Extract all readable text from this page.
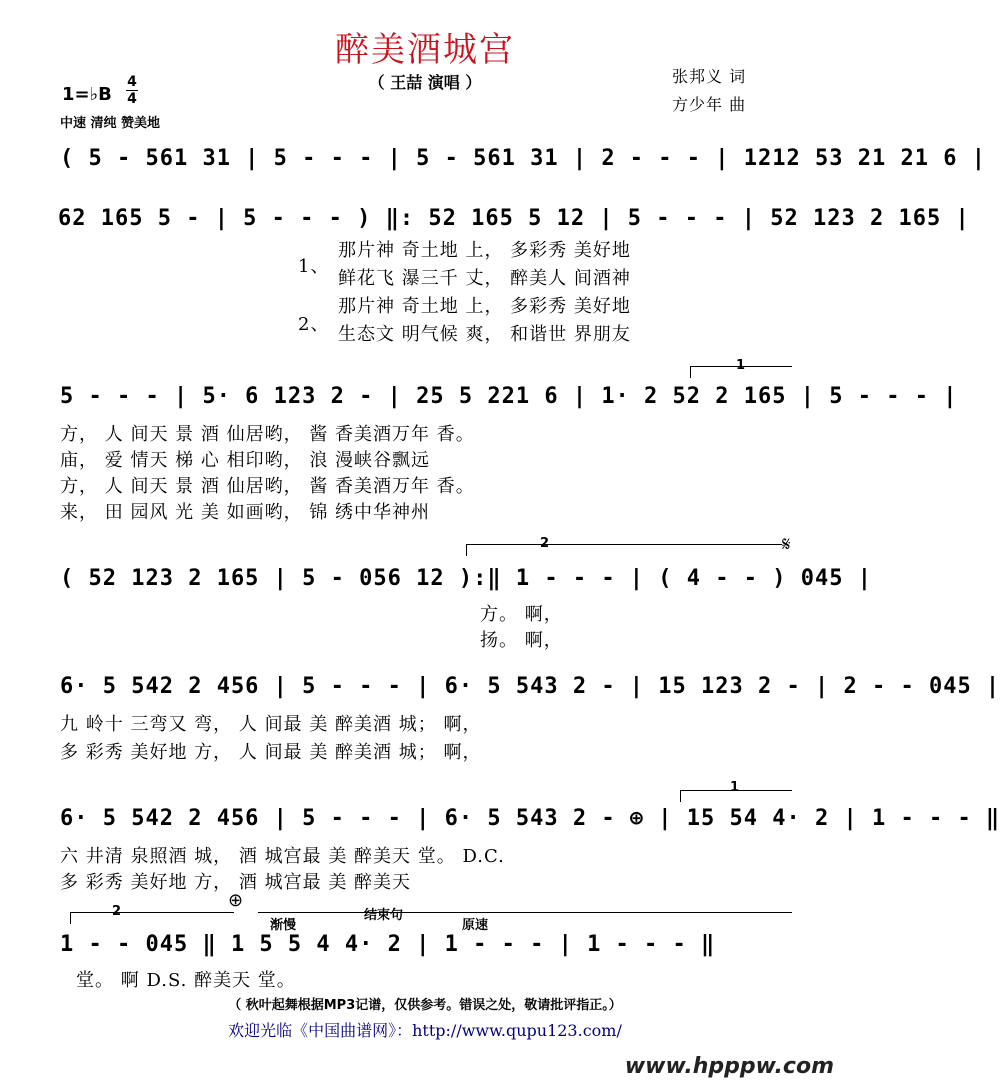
醉美酒城宫
（ 王喆 演唱 ）	张邦义 词
方少年 曲
1=♭B
4
4
中速 清纯 赞美地
( 5 - 561 31 | 5 - - - | 5 - 561 31 | 2 - - - | 1212 53 21 21 6 |
62 165 5 - | 5 - - - ) ‖: 52 165 5 12 | 5 - - - | 52 123 2 165 |
1、
2、
那片神 奇土地 上， 多彩秀 美好地
鲜花飞 瀑三千 丈， 醉美人 间酒神
那片神 奇土地 上， 多彩秀 美好地
生态文 明气候 爽， 和谐世 界朋友
1
5 - - - | 5· 6 123 2 - | 25 5 221 6 | 1· 2 52 2 165 | 5 - - - |
方， 人 间天 景 酒 仙居哟， 酱 香美酒万年 香。
庙， 爱 情天 梯 心 相印哟， 浪 漫峡谷飘远
方， 人 间天 景 酒 仙居哟， 酱 香美酒万年 香。
来， 田 园风 光 美 如画哟， 锦 绣中华神州
2	𝄋
( 52 123 2 165 | 5 - 056 12 ):‖ 1 - - - | ( 4 - - ) 045 |
方。 啊，
扬。 啊，
6· 5 542 2 456 | 5 - - - | 6· 5 543 2 - | 15 123 2 - | 2 - - 045 |
九 岭十 三弯又 弯， 人 间最 美 醉美酒 城； 啊，
多 彩秀 美好地 方， 人 间最 美 醉美酒 城； 啊，
1
6· 5 542 2 456 | 5 - - - | 6· 5 543 2 - ⊕ | 15 54 4· 2 | 1 - - - ‖
六 井清 泉照酒 城， 酒 城宫最 美 醉美天 堂。 D.C.
多 彩秀 美好地 方， 酒 城宫最 美 醉美天
2
⊕
渐慢
结束句
原速
1 - - 045 ‖ 1 5 5 4 4· 2 | 1 - - - | 1 - - - ‖
堂。 啊 D.S. 醉美天 堂。
（ 秋叶起舞根据MP3记谱，仅供参考。错误之处，敬请批评指正。）
欢迎光临《中国曲谱网》：http://www.qupu123.com/
www.hpppw.com
